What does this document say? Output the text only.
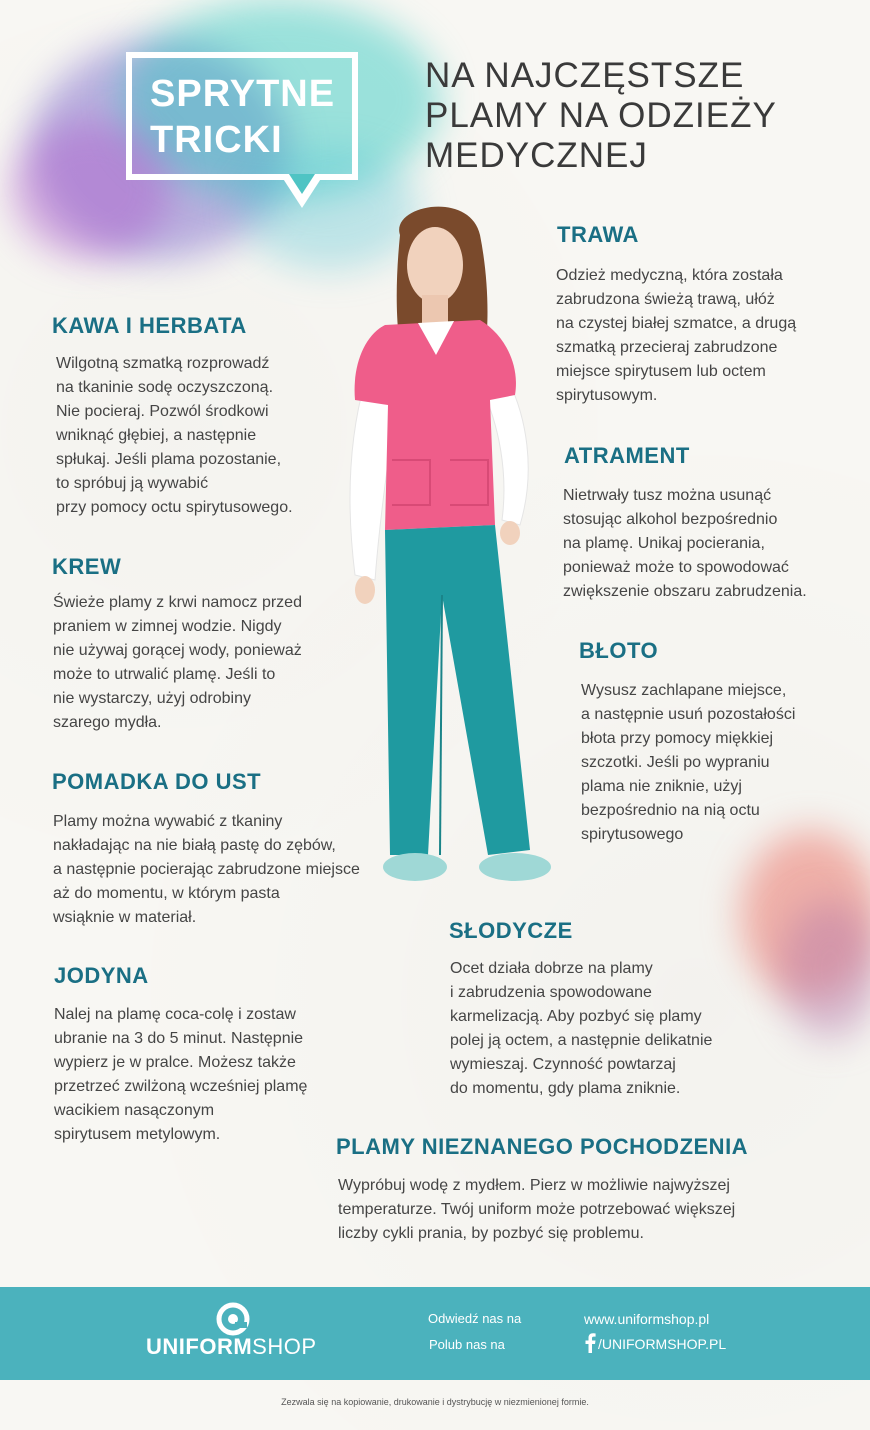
SPRYTNE
TRICKI
NA NAJCZĘSTSZE
PLAMY NA ODZIEŻY
MEDYCZNEJ
TRAWA
Odzież medyczną, która została
zabrudzona świeżą trawą, ułóż
na czystej białej szmatce, a drugą
szmatką przecieraj zabrudzone
miejsce spirytusem lub octem
spirytusowym.
KAWA I HERBATA
Wilgotną szmatką rozprowadź
na tkaninie sodę oczyszczoną.
Nie pocieraj. Pozwól środkowi
wniknąć głębiej, a następnie
spłukaj. Jeśli plama pozostanie,
to spróbuj ją wywabić
przy pomocy octu spirytusowego.
ATRAMENT
Nietrwały tusz można usunąć
stosując alkohol bezpośrednio
na plamę. Unikaj pocierania,
ponieważ może to spowodować
zwiększenie obszaru zabrudzenia.
KREW
Świeże plamy z krwi namocz przed
praniem w zimnej wodzie. Nigdy
nie używaj gorącej wody, ponieważ
może to utrwalić plamę. Jeśli to
nie wystarczy, użyj odrobiny
szarego mydła.
BŁOTO
Wysusz zachlapane miejsce,
a następnie usuń pozostałości
błota przy pomocy miękkiej
szczotki. Jeśli po wypraniu
plama nie zniknie, użyj
bezpośrednio na nią octu
spirytusowego
POMADKA DO UST
Plamy można wywabić z tkaniny
nakładając na nie białą pastę do zębów,
a następnie pocierając zabrudzone miejsce
aż do momentu, w którym pasta
wsiąknie w materiał.
SŁODYCZE
Ocet działa dobrze na plamy
i zabrudzenia spowodowane
karmelizacją. Aby pozbyć się plamy
polej ją octem, a następnie delikatnie
wymieszaj. Czynność powtarzaj
do momentu, gdy plama zniknie.
JODYNA
Nalej na plamę coca-colę i zostaw
ubranie na 3 do 5 minut. Następnie
wypierz je w pralce. Możesz także
przetrzeć zwilżoną wcześniej plamę
wacikiem nasączonym
spirytusem metylowym.	PLAMY NIEZNANEGO POCHODZENIA
Wypróbuj wodę z mydłem. Pierz w możliwie najwyższej
temperaturze. Twój uniform może potrzebować większej
liczby cykli prania, by pozbyć się problemu.
UNIFORMSHOP
Odwiedź nas na	www.uniformshop.pl
Polub nas na	/UNIFORMSHOP.PL
Zezwala się na kopiowanie, drukowanie i dystrybucję w niezmienionej formie.
